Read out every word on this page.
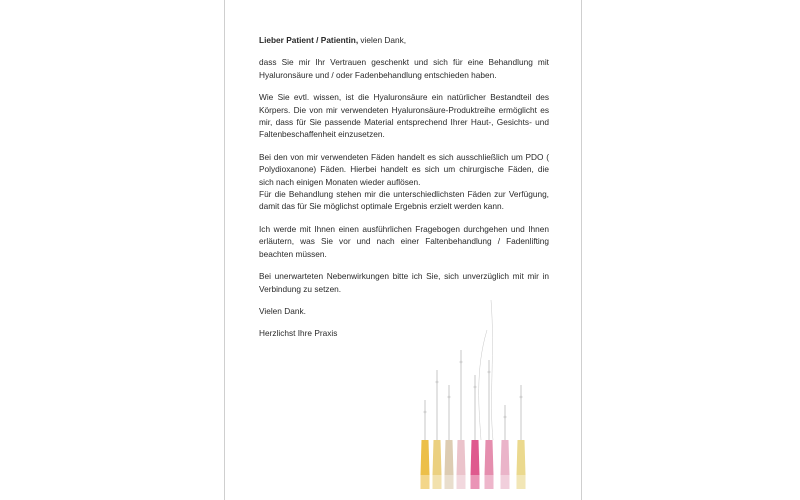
Lieber Patient / Patientin, vielen Dank,

dass Sie mir Ihr Vertrauen geschenkt und sich für eine Behandlung mit Hyaluronsäure und / oder Fadenbehandlung entschieden haben.

Wie Sie evtl. wissen, ist die Hyaluronsäure ein natürlicher Bestandteil des Körpers. Die von mir verwendeten Hyaluronsäure-Produktreihe ermöglicht es mir, dass für Sie passende Material entsprechend Ihrer Haut-, Gesichts- und Faltenbeschaffenheit einzusetzen.

Bei den von mir verwendeten Fäden handelt es sich ausschließlich um PDO ( Polydioxanone) Fäden. Hierbei handelt es sich um chirurgische Fäden, die sich nach einigen Monaten wieder auflösen.
Für die Behandlung stehen mir die unterschiedlichsten Fäden zur Verfügung, damit das für Sie möglichst optimale Ergebnis erzielt werden kann.

Ich werde mit Ihnen einen ausführlichen Fragebogen durchgehen und Ihnen erläutern, was Sie vor und nach einer Faltenbehandlung / Fadenlifting beachten müssen.

Bei unerwarteten Nebenwirkungen bitte ich Sie, sich unverzüglich mit mir in Verbindung zu setzen.

Vielen Dank.

Herzlichst Ihre Praxis
